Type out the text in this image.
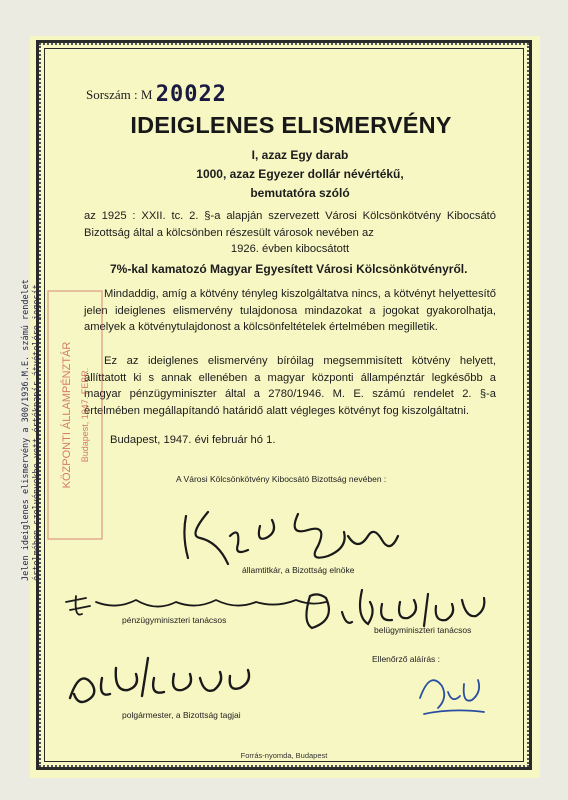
Sorszám : M 20022
IDEIGLENES ELISMERVÉNY
I, azaz Egy darab
1000, azaz Egyezer dollár névértékű,
bemutatóra szóló
az 1925 : XXII. tc. 2. §-a alapján szervezett Városi Kölcsönkötvény Kibocsátó Bizottság által a kölcsönben részesült városok nevében az
1926. évben kibocsátott
7%-kal kamatozó Magyar Egyesített Városi Kölcsönkötvényről.
Mindaddig, amíg a kötvény tényleg kiszolgáltatva nincs, a kötvényt helyettesítő jelen ideiglenes elismervény tulajdonosa mindazokat a jogokat gyakorolhatja, amelyek a kötvénytulajdonost a kölcsönfeltételek értelmében megilletik.
Ez az ideiglenes elismervény bíróilag megsemmisített kötvény helyett, állíttatott ki s annak ellenében a magyar központi állampénztár legkésőbb a magyar pénzügyminiszter által a 2780/1946. M. E. számú rendelet 2. §-a értelmében megállapítandó határidő alatt végleges kötvényt fog kiszolgáltatni.
Budapest, 1947. évi február hó 1.
A Városi Kölcsönkötvény Kibocsátó Bizottság nevében :
államtitkár, a Bizottság elnöke
pénzügyminiszteri tanácsos
belügyminiszteri tanácsos
Ellenőrző aláírás :
polgármester, a Bizottság tagjai
KÖZPONTI ÁLLAMPÉNZTÁR Budapest, 1947. FEBR.
Jelen ideiglenes elismervény a 300/1936.M.E. számú rendelet értelmében szelvényekbe vett értékpapír átvételére jogosít
Forrás-nyomda, Budapest
